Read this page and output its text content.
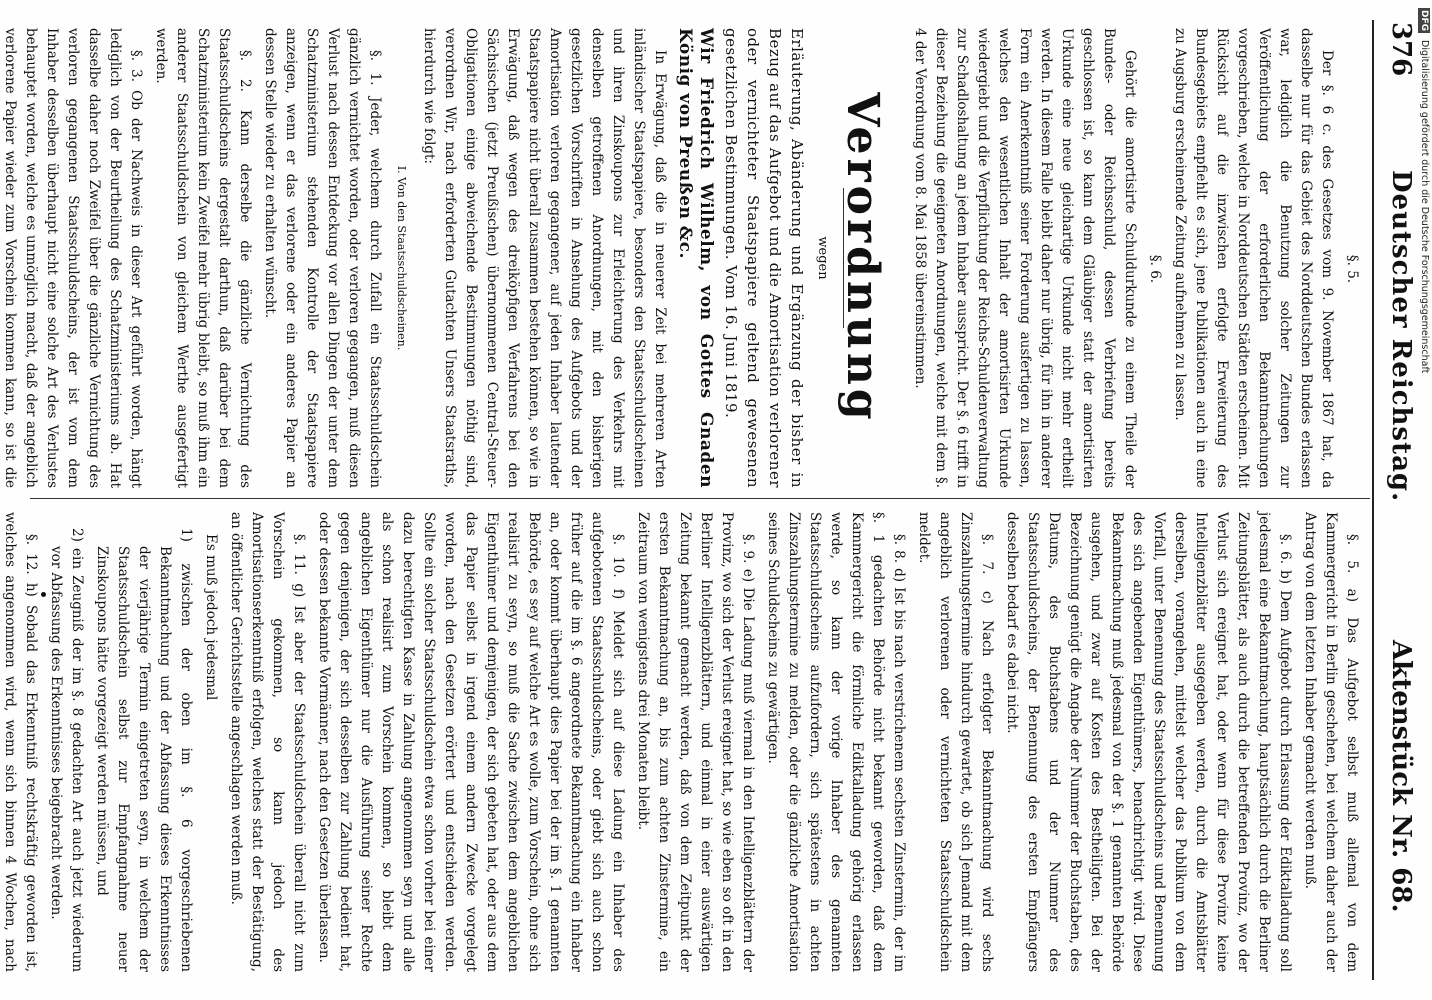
376
Deutscher Reichstag.
Aktenstück Nr. 68.

§. 5.

Der §. 6 c. des Gesetzes vom 9. November 1867 hat, da dasselbe nur für das Gebiet des Norddeutschen Bundes erlassen war, lediglich die Benutzung solcher Zeitungen zur Veröffentlichung der erforderlichen Bekanntmachungen vorgeschrieben, welche in Norddeutschen Städten erscheinen. Mit Rücksicht auf die inzwischen erfolgte Erweiterung des Bundesgebiets empfiehlt es sich, jene Publikationen auch in eine zu Augsburg erscheinende Zeitung aufnehmen zu lassen.

§. 6.

Gehört die amortisirte Schuldurkunde zu einem Theile der Bundes- oder Reichsschuld, dessen Verbriefung bereits geschlossen ist, so kann dem Gläubiger statt der amortisirten Urkunde eine neue gleichartige Urkunde nicht mehr ertheilt werden. In diesem Falle bleibt daher nur übrig, für ihn in anderer Form ein Anerkenntniß seiner Forderung ausfertigen zu lassen, welches den wesentlichen Inhalt der amortisirten Urkunde wiedergiebt und die Verpflichtung der Reichs-Schuldenverwaltung zur Schadloshaltung an jedem Inhaber ausspricht. Der §. 6 trifft in dieser Beziehung die geeigneten Anordnungen, welche mit dem §. 4 der Verordnung vom 8. Mai 1858 übereinstimmen.

Verordnung
wegen

Erläuterung, Abänderung und Ergänzung der bisher in Bezug auf das Aufgebot und die Amortisation verlorener oder vernichteter Staatspapiere geltend gewesenen gesetzlichen Bestimmungen. Vom 16. Juni 1819.

Wir Friedrich Wilhelm, von Gottes Gnaden König von Preußen &c.

In Erwägung, daß die in neuerer Zeit bei mehreren Arten inländischer Staatspapiere, besonders den Staatsschuldscheinen und ihren Zinskoupons zur Erleichterung des Verkehrs mit denselben getroffenen Anordnungen, mit den bisherigen gesetzlichen Vorschriften in Ansehung des Aufgebots und der Amortisation verloren gegangener, auf jeden Inhaber lautender Staatspapiere nicht überall zusammen bestehen können, so wie in Erwägung, daß wegen des dreiköpfigen Verfahrens bei den Sächsischen (jetzt Preußischen) übernommenen Central-Steuer-Obligationen einige abweichende Bestimmungen nöthig sind, verordnen Wir, nach erforderten Gutachten Unsers Staatsraths, hierdurch wie folgt:

I. Von den Staatsschuldscheinen.

§. 1. Jeder, welchem durch Zufall ein Staatsschuldschein gänzlich vernichtet worden, oder verloren gegangen, muß diesen Verlust nach dessen Entdeckung vor allen Dingen der unter dem Schatzministerium stehenden Kontrolle der Staatspapiere anzeigen, wenn er das verlorene oder ein anderes Papier an dessen Stelle wieder zu erhalten wünscht.

§. 2. Kann derselbe die gänzliche Vernichtung des Staatsschuldscheins dergestalt darthun, daß darüber bei dem Schatzministerium kein Zweifel mehr übrig bleibt, so muß ihm ein anderer Staatsschuldschein von gleichem Werthe ausgefertigt werden.

§. 3. Ob der Nachweis in dieser Art geführt worden, hängt lediglich von der Beurtheilung des Schatzministeriums ab. Hat dasselbe daher noch Zweifel über die gänzliche Vernichtung des verloren gegangenen Staatsschuldscheins, der ist vom dem Inhaber desselben überhaupt nicht eine solche Art des Verlustes behauptet worden, welche es unmöglich macht, daß der angeblich verlorene Papier wieder zum Vorschein kommen kann, so ist die

§. 5. a) Das Aufgebot selbst muß allemal von dem Kammergericht in Berlin geschehen, bei welchem daher auch der Antrag von dem letzten Inhaber gemacht werden muß.

§. 6. b) Dem Aufgebot durch Erlassung der Ediktalladung soll jedesmal eine Bekanntmachung, hauptsächlich durch die Berliner Zeitungsblätter, als auch durch die betreffenden Provinz, wo der Verlust sich ereignet hat, oder wenn für diese Provinz keine Intelligenzblätter ausgegeben werden, durch die Amtsblätter derselben, vorangehen, mittelst welcher das Publikum von dem Vorfall, unter Benennung des Staatsschuldscheins und Benennung des sich angebenden Eigenthümers, benachrichtigt wird. Diese Bekanntmachung muß jedesmal von der §. 1 genannten Behörde ausgehen, und zwar auf Kosten des Bestheiligten. Bei der Bezeichnung genügt die Angabe der Nummer der Buchstaben, des Datums, des Buchstabens und der Nummer des Staatsschuldscheins, der Benennung des ersten Empfängers desselben bedarf es dabei nicht.

§. 7. c) Nach erfolgter Bekanntmachung wird sechs Zinszahlungstermine hindurch gewartet, ob sich Jemand mit dem angeblich verlorenen oder vernichteten Staatsschuldschein meldet.

§. 8. d) Ist bis nach verstrichenem sechsten Zinstermin, der im §. 1 gedachten Behörde nicht bekannt geworden, daß dem Kammergericht die förmliche Ediktalladung gehörig erlassen werde, so kann der vorige Inhaber des genannten Staatsschuldscheins aufzufordern, sich spätestens in achten Zinszahlungstermine zu melden, oder die gänzliche Amortisation seines Schuldscheins zu gewärtigen.

§. 9. e) Die Ladung muß viermal in den Intelligenzblättern der Provinz, wo sich der Verlust ereignet hat, so wie eben so oft in den Berliner Intelligenzblättern, und einmal in einer auswärtigen Zeitung bekannt gemacht werden, daß von dem Zeitpunkt der ersten Bekanntmachung an, bis zum achten Zinstermine, ein Zeitraum von wenigstens drei Monaten bleibt.

§. 10. f) Meldet sich auf diese Ladung ein Inhaber des aufgebotenen Staatsschuldscheins, oder giebt sich auch schon früher auf die im §. 6 angeordnete Bekanntmachung ein Inhaber an, oder kommt überhaupt dies Papier bei der im §. 1 genannten Behörde, es sey auf welche Art es wolle, zum Vorschein, ohne sich realisirt zu seyn, so muß die Sache zwischen dem angeblichen Eigenthümer und demjenigen, der sich gebeten hat, oder aus dem das Papier selbst in irgend einem andern Zwecke vorgelegt worden, nach den Gesetzen erörtert und entschieden werden. Sollte ein solcher Staatsschuldschein etwa schon vorher bei einer dazu berechtigten Kasse in Zahlung angenommen seyn und alle als schon realisirt zum Vorschein kommen, so bleibt dem angeblichen Eigenthümer nur die Ausführung seiner Rechte gegen denjenigen, der sich desselben zur Zahlung bedient hat, oder dessen bekannte Vormänner, nach den Gesetzen überlassen.

§. 11. g) Ist aber der Staatsschuldschein überall nicht zum Vorschein gekommen, so kann jedoch des Amortisationserkenntniß erfolgen, welches statt der Bestätigung, an öffentlicher Gerichtsstelle angeschlagen werden muß.

Es muß jedoch jedesmal

1) zwischen der oben im §. 6 vorgeschriebenen Bekanntmachung und der Abfassung dieses Erkenntnisses der vierjährige Termin eingetreten seyn, in welchem der Staatsschuldschein selbst zur Empfangnahme neuer Zinskoupons hätte vorgezeigt werden müssen, und

2) ein Zeugniß der im §. 8 gedachten Art auch jetzt wiederum vor Abfassung des Erkenntnisses beigebracht werden.

§. 12. h) Sobald das Erkenntniß rechtskräftig geworden ist, welches angenommen wird, wenn sich binnen 4 Wochen, nach

DFG Digitalisierung gefördert durch die Deutsche Forschungsgemeinschaft
